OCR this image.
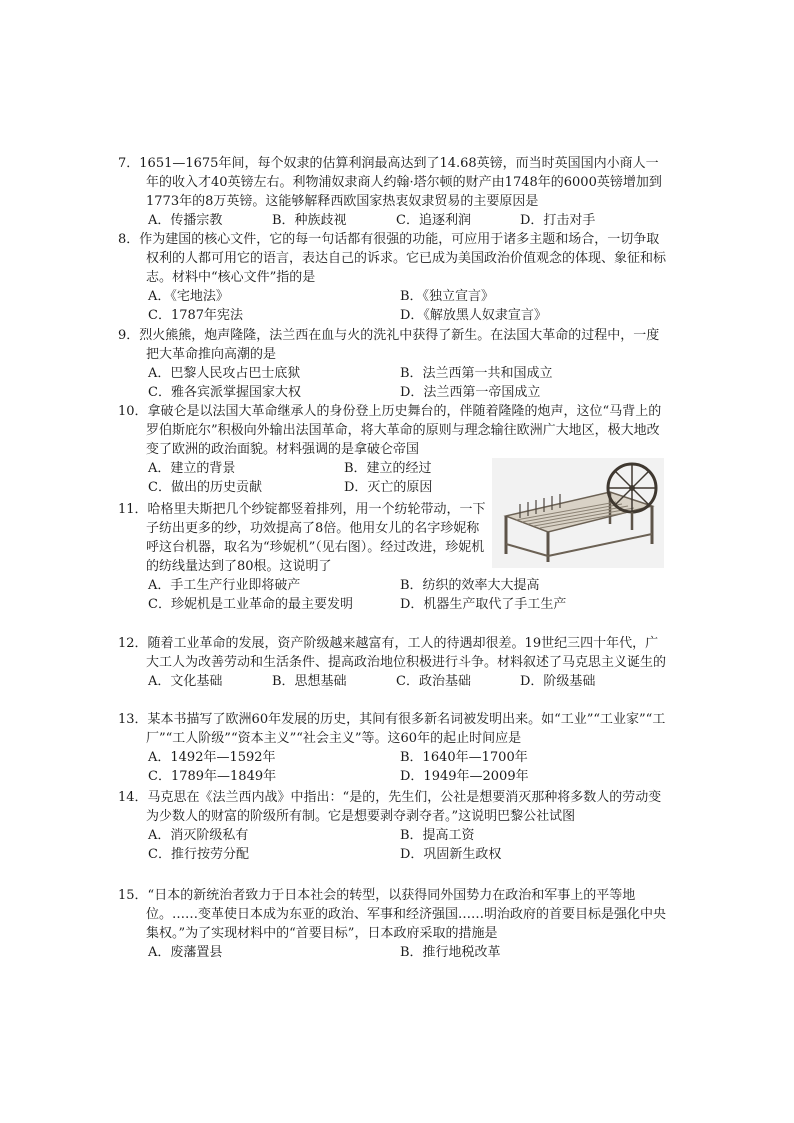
7．1651—1675年间，每个奴隶的估算利润最高达到了14.68英镑，而当时英国国内小商人一年的收入才40英镑左右。利物浦奴隶商人约翰·塔尔顿的财产由1748年的6000英镑增加到1773年的8万英镑。这能够解释西欧国家热衷奴隶贸易的主要原因是

A．传播宗教	B．种族歧视	C．追逐利润	D．打击对手

8．作为建国的核心文件，它的每一句话都有很强的功能，可应用于诸多主题和场合，一切争取权利的人都可用它的语言，表达自己的诉求。它已成为美国政治价值观念的体现、象征和标志。材料中“核心文件”指的是

A．《宅地法》	B．《独立宣言》
C．1787年宪法	D．《解放黑人奴隶宣言》

9．烈火熊熊，炮声隆隆，法兰西在血与火的洗礼中获得了新生。在法国大革命的过程中，一度把大革命推向高潮的是

A．巴黎人民攻占巴士底狱	B．法兰西第一共和国成立
C．雅各宾派掌握国家大权	D．法兰西第一帝国成立

10．拿破仑是以法国大革命继承人的身份登上历史舞台的，伴随着隆隆的炮声，这位“马背上的罗伯斯庇尔”积极向外输出法国革命，将大革命的原则与理念输往欧洲广大地区，极大地改变了欧洲的政治面貌。材料强调的是拿破仑帝国

A．建立的背景	B．建立的经过
C．做出的历史贡献	D．灭亡的原因

11．哈格里夫斯把几个纱锭都竖着排列，用一个纺轮带动，一下子纺出更多的纱，功效提高了8倍。他用女儿的名字珍妮称呼这台机器，取名为“珍妮机”（见右图）。经过改进，珍妮机的纺线量达到了80根。这说明了

A．手工生产行业即将破产	B．纺织的效率大大提高
C．珍妮机是工业革命的最主要发明	D．机器生产取代了手工生产

12．随着工业革命的发展，资产阶级越来越富有，工人的待遇却很差。19世纪三四十年代，广大工人为改善劳动和生活条件、提高政治地位积极进行斗争。材料叙述了马克思主义诞生的

A．文化基础	B．思想基础	C．政治基础	D．阶级基础

13．某本书描写了欧洲60年发展的历史，其间有很多新名词被发明出来。如“工业”“工业家”“工厂”“工人阶级”“资本主义”“社会主义”等。这60年的起止时间应是

A．1492年—1592年	B．1640年—1700年
C．1789年—1849年	D．1949年—2009年

14．马克思在《法兰西内战》中指出：“是的，先生们，公社是想要消灭那种将多数人的劳动变为少数人的财富的阶级所有制。它是想要剥夺剥夺者。”这说明巴黎公社试图

A．消灭阶级私有	B．提高工资
C．推行按劳分配	D．巩固新生政权

15．“日本的新统治者致力于日本社会的转型，以获得同外国势力在政治和军事上的平等地位。……变革使日本成为东亚的政治、军事和经济强国……明治政府的首要目标是强化中央集权。”为了实现材料中的“首要目标”，日本政府采取的措施是

A．废藩置县	B．推行地税改革
